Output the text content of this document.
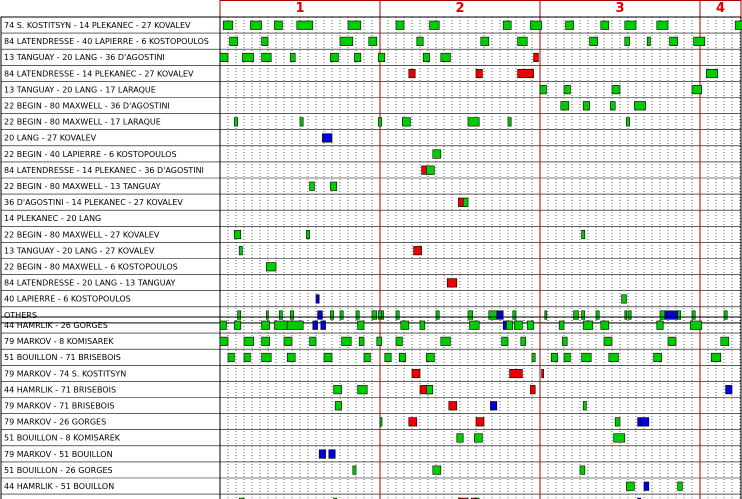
1	2	3	4
74 S. KOSTITSYN - 14 PLEKANEC - 27 KOVALEV
84 LATENDRESSE - 40 LAPIERRE - 6 KOSTOPOULOS
13 TANGUAY - 20 LANG - 36 D'AGOSTINI
84 LATENDRESSE - 14 PLEKANEC - 27 KOVALEV
13 TANGUAY - 20 LANG - 17 LARAQUE
22 BEGIN - 80 MAXWELL - 36 D'AGOSTINI
22 BEGIN - 80 MAXWELL - 17 LARAQUE
20 LANG - 27 KOVALEV
22 BEGIN - 40 LAPIERRE - 6 KOSTOPOULOS
84 LATENDRESSE - 14 PLEKANEC - 36 D'AGOSTINI
22 BEGIN - 80 MAXWELL - 13 TANGUAY
36 D'AGOSTINI - 14 PLEKANEC - 27 KOVALEV
14 PLEKANEC - 20 LANG
22 BEGIN - 80 MAXWELL - 27 KOVALEV
13 TANGUAY - 20 LANG - 27 KOVALEV
22 BEGIN - 80 MAXWELL - 6 KOSTOPOULOS
84 LATENDRESSE - 20 LANG - 13 TANGUAY
40 LAPIERRE - 6 KOSTOPOULOS
OTHERS
44 HAMRLIK - 26 GORGES
79 MARKOV - 8 KOMISAREK
51 BOUILLON - 71 BRISEBOIS
79 MARKOV - 74 S. KOSTITSYN
44 HAMRLIK - 71 BRISEBOIS
79 MARKOV - 71 BRISEBOIS
79 MARKOV - 26 GORGES
51 BOUILLON - 8 KOMISAREK
79 MARKOV - 51 BOUILLON
51 BOUILLON - 26 GORGES
44 HAMRLIK - 51 BOUILLON
